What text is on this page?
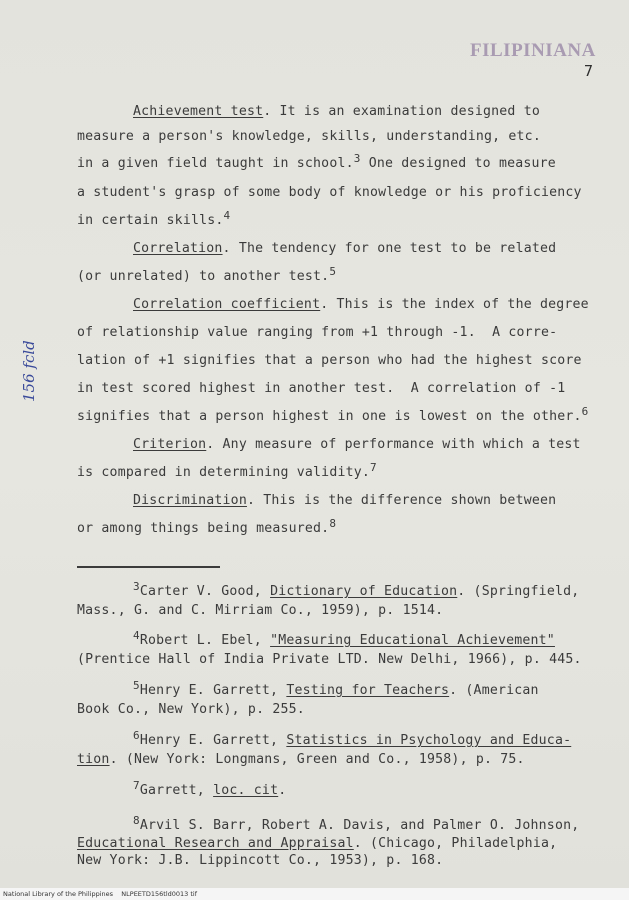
FILIPINIANA
7
156 fcld
Achievement test. It is an examination designed to
measure a person's knowledge, skills, understanding, etc.
in a given field taught in school.$^3$ One designed to measure
a student's grasp of some body of knowledge or his proficiency
in certain skills.$^4$
Correlation. The tendency for one test to be related
(or unrelated) to another test.$^5$
Correlation coefficient. This is the index of the degree
of relationship value ranging from +1 through -1.  A corre-
lation of +1 signifies that a person who had the highest score
in test scored highest in another test.  A correlation of -1
signifies that a person highest in one is lowest on the other.$^6$
Criterion. Any measure of performance with which a test
is compared in determining validity.$^7$
Discrimination. This is the difference shown between
or among things being measured.$^8$
$^3$Carter V. Good, Dictionary of Education. (Springfield,
Mass., G. and C. Mirriam Co., 1959), p. 1514.
$^4$Robert L. Ebel, "Measuring Educational Achievement"
(Prentice Hall of India Private LTD. New Delhi, 1966), p. 445.
$^5$Henry E. Garrett, Testing for Teachers. (American
Book Co., New York), p. 255.
$^6$Henry E. Garrett, Statistics in Psychology and Educa-
tion. (New York: Longmans, Green and Co., 1958), p. 75.
$^7$Garrett, loc. cit.
$^8$Arvil S. Barr, Robert A. Davis, and Palmer O. Johnson,
Educational Research and Appraisal. (Chicago, Philadelphia,
New York: J.B. Lippincott Co., 1953), p. 168.
National Library of the Philippines    NLPEETD156tld0013 tif
